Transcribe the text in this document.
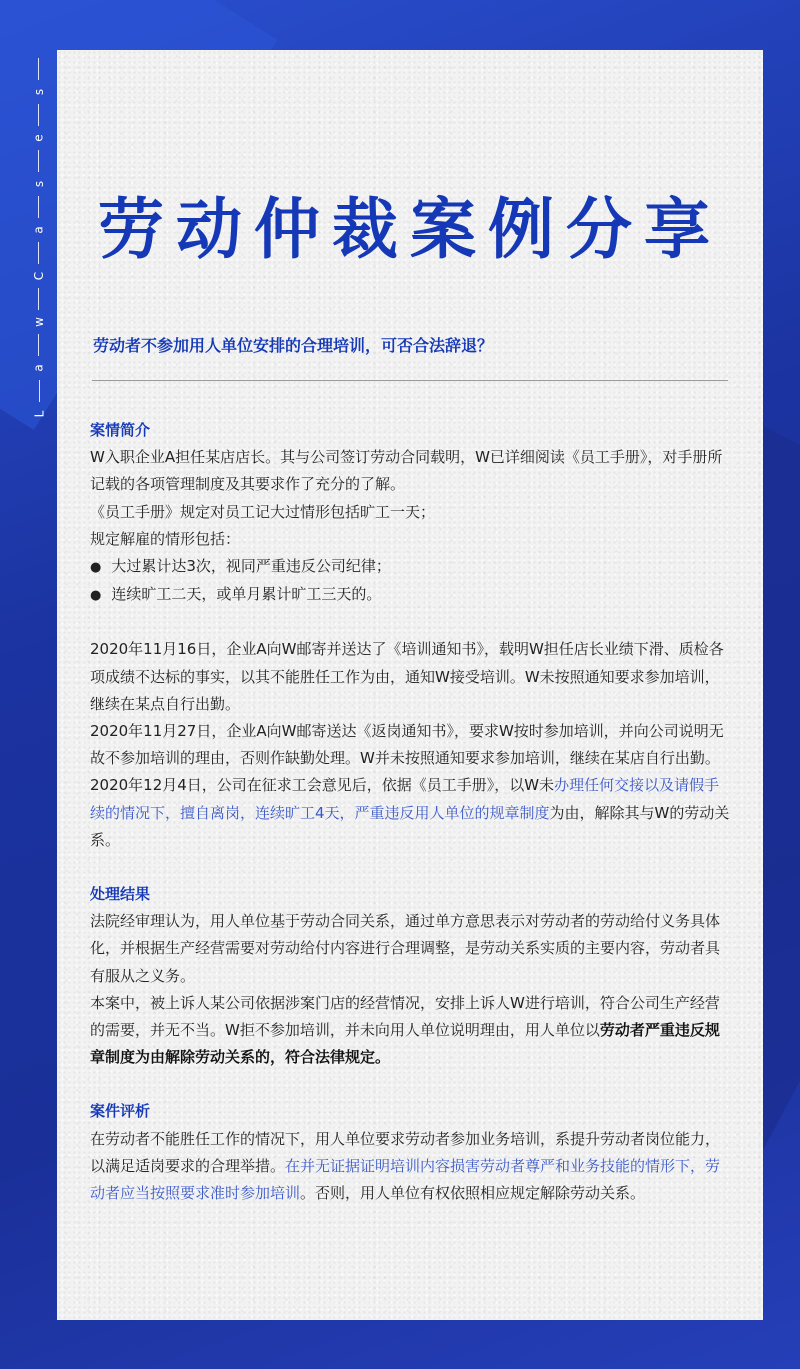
s
e
s
a
C
w
a
L
劳动仲裁案例分享
劳动者不参加用人单位安排的合理培训，可否合法辞退？
案情简介

W入职企业A担任某店店长。其与公司签订劳动合同载明，W已详细阅读《员工手册》，对手册所记载的各项管理制度及其要求作了充分的了解。

《员工手册》规定对员工记大过情形包括旷工一天；

规定解雇的情形包括：

● 大过累计达3次，视同严重违反公司纪律；

● 连续旷工二天，或单月累计旷工三天的。

2020年11月16日，企业A向W邮寄并送达了《培训通知书》，载明W担任店长业绩下滑、质检各项成绩不达标的事实，以其不能胜任工作为由，通知W接受培训。W未按照通知要求参加培训，继续在某点自行出勤。

2020年11月27日，企业A向W邮寄送达《返岗通知书》，要求W按时参加培训，并向公司说明无故不参加培训的理由，否则作缺勤处理。W并未按照通知要求参加培训，继续在某店自行出勤。

2020年12月4日，公司在征求工会意见后，依据《员工手册》，以W未办理任何交接以及请假手续的情况下，擅自离岗，连续旷工4天，严重违反用人单位的规章制度为由，解除其与W的劳动关系。

处理结果

法院经审理认为，用人单位基于劳动合同关系，通过单方意思表示对劳动者的劳动给付义务具体化，并根据生产经营需要对劳动给付内容进行合理调整，是劳动关系实质的主要内容，劳动者具有服从之义务。

本案中，被上诉人某公司依据涉案门店的经营情况，安排上诉人W进行培训，符合公司生产经营的需要，并无不当。W拒不参加培训，并未向用人单位说明理由，用人单位以劳动者严重违反规章制度为由解除劳动关系的，符合法律规定。

案件评析

在劳动者不能胜任工作的情况下，用人单位要求劳动者参加业务培训，系提升劳动者岗位能力，以满足适岗要求的合理举措。在并无证据证明培训内容损害劳动者尊严和业务技能的情形下，劳动者应当按照要求准时参加培训。否则，用人单位有权依照相应规定解除劳动关系。
